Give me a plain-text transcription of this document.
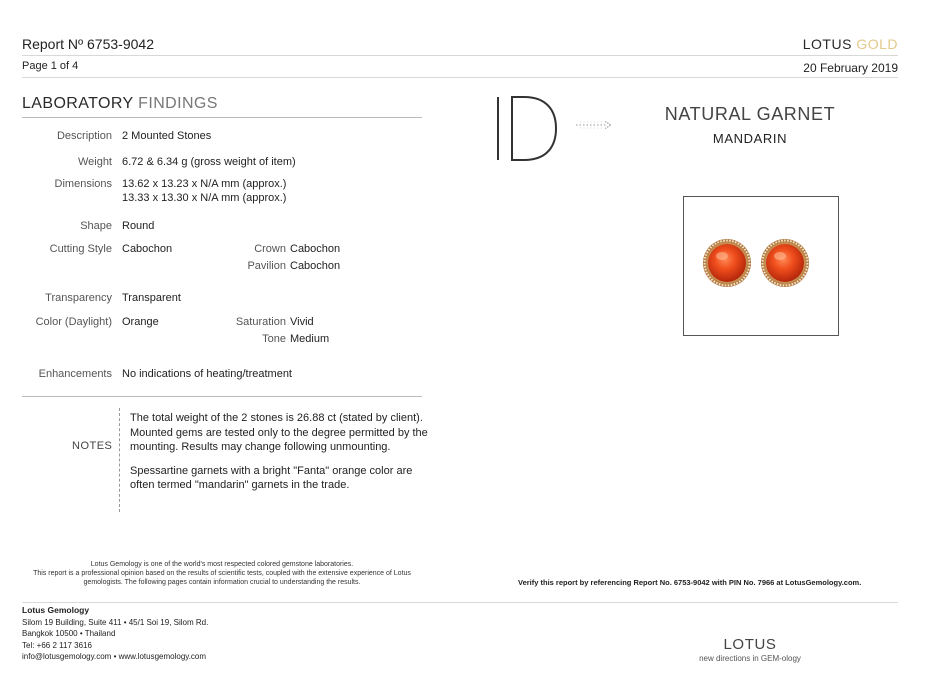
Report Nº 6753-9042
Page 1 of 4
LOTUS GOLD
20 February 2019
LABORATORY FINDINGS
Description 2 Mounted Stones
Weight 6.72 & 6.34 g (gross weight of item)
Dimensions 13.62 x 13.23 x N/A mm (approx.)
13.33 x 13.30 x N/A mm (approx.)
Shape Round
Cutting Style Cabochon	Crown Cabochon
Pavilion Cabochon
Transparency Transparent
Color (Daylight) Orange	Saturation Vivid
Tone Medium
Enhancements No indications of heating/treatment
NOTES

The total weight of the 2 stones is 26.88 ct (stated by client). Mounted gems are tested only to the degree permitted by the mounting. Results may change following unmounting.

Spessartine garnets with a bright "Fanta" orange color are often termed "mandarin" garnets in the trade.

Lotus Gemology is one of the world's most respected colored gemstone laboratories.
This report is a professional opinion based on the results of scientific tests, coupled with the extensive experience of Lotus gemologists. The following pages contain information crucial to understanding the results.
Lotus Gemology
Silom 19 Building, Suite 411 • 45/1 Soi 19, Silom Rd.
Bangkok 10500 • Thailand
Tel: +66 2 117 3616
info@lotusgemology.com • www.lotusgemology.com
NATURAL GARNET
MANDARIN
Verify this report by referencing Report No. 6753-9042 with PIN No. 7966 at LotusGemology.com.
LOTUS
new directions in GEM-ology
